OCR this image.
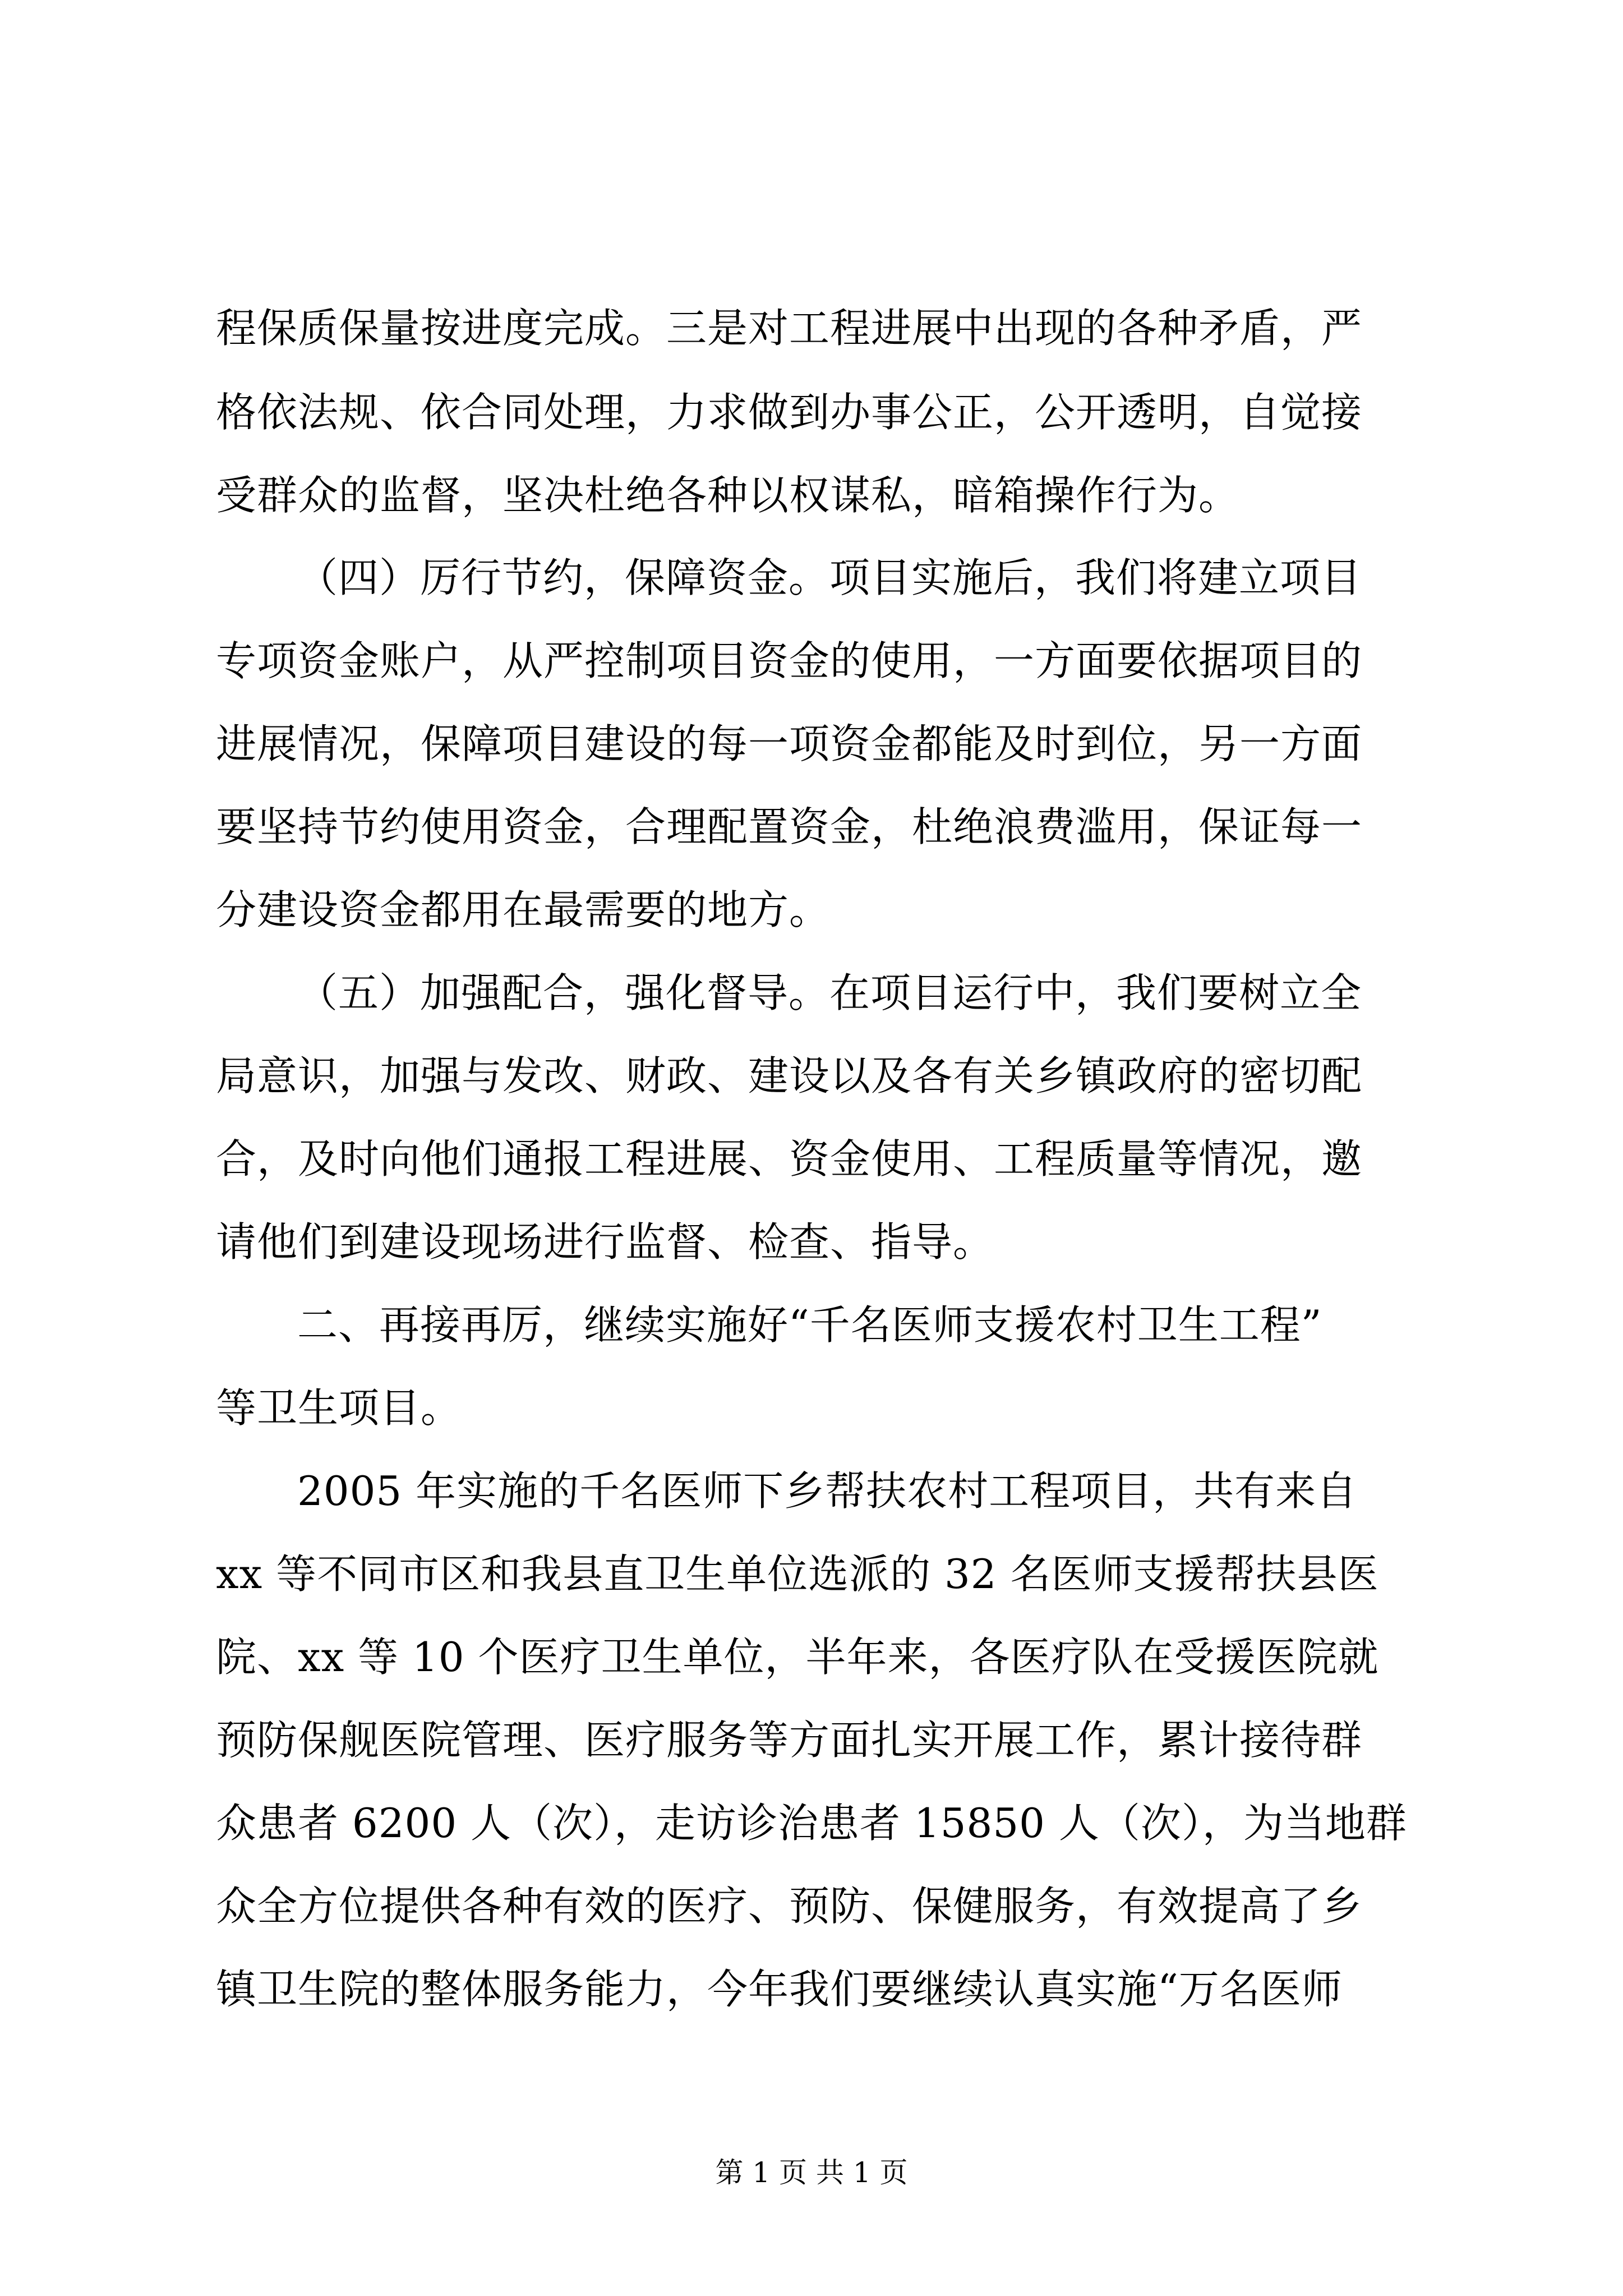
程保质保量按进度完成。三是对工程进展中出现的各种矛盾，严
格依法规、依合同处理，力求做到办事公正，公开透明，自觉接
受群众的监督，坚决杜绝各种以权谋私，暗箱操作行为。
（四）厉行节约，保障资金。项目实施后，我们将建立项目
专项资金账户，从严控制项目资金的使用，一方面要依据项目的
进展情况，保障项目建设的每一项资金都能及时到位，另一方面
要坚持节约使用资金，合理配置资金，杜绝浪费滥用，保证每一
分建设资金都用在最需要的地方。
（五）加强配合，强化督导。在项目运行中，我们要树立全
局意识，加强与发改、财政、建设以及各有关乡镇政府的密切配
合，及时向他们通报工程进展、资金使用、工程质量等情况，邀
请他们到建设现场进行监督、检查、指导。
二、再接再厉，继续实施好“千名医师支援农村卫生工程”
等卫生项目。
2005 年实施的千名医师下乡帮扶农村工程项目，共有来自
xx 等不同市区和我县直卫生单位选派的 32 名医师支援帮扶县医
院、xx 等 10 个医疗卫生单位，半年来，各医疗队在受援医院就
预防保舰医院管理、医疗服务等方面扎实开展工作，累计接待群
众患者 6200 人（次），走访诊治患者 15850 人（次），为当地群
众全方位提供各种有效的医疗、预防、保健服务，有效提高了乡
镇卫生院的整体服务能力，今年我们要继续认真实施“万名医师
第 1 页 共 1 页
